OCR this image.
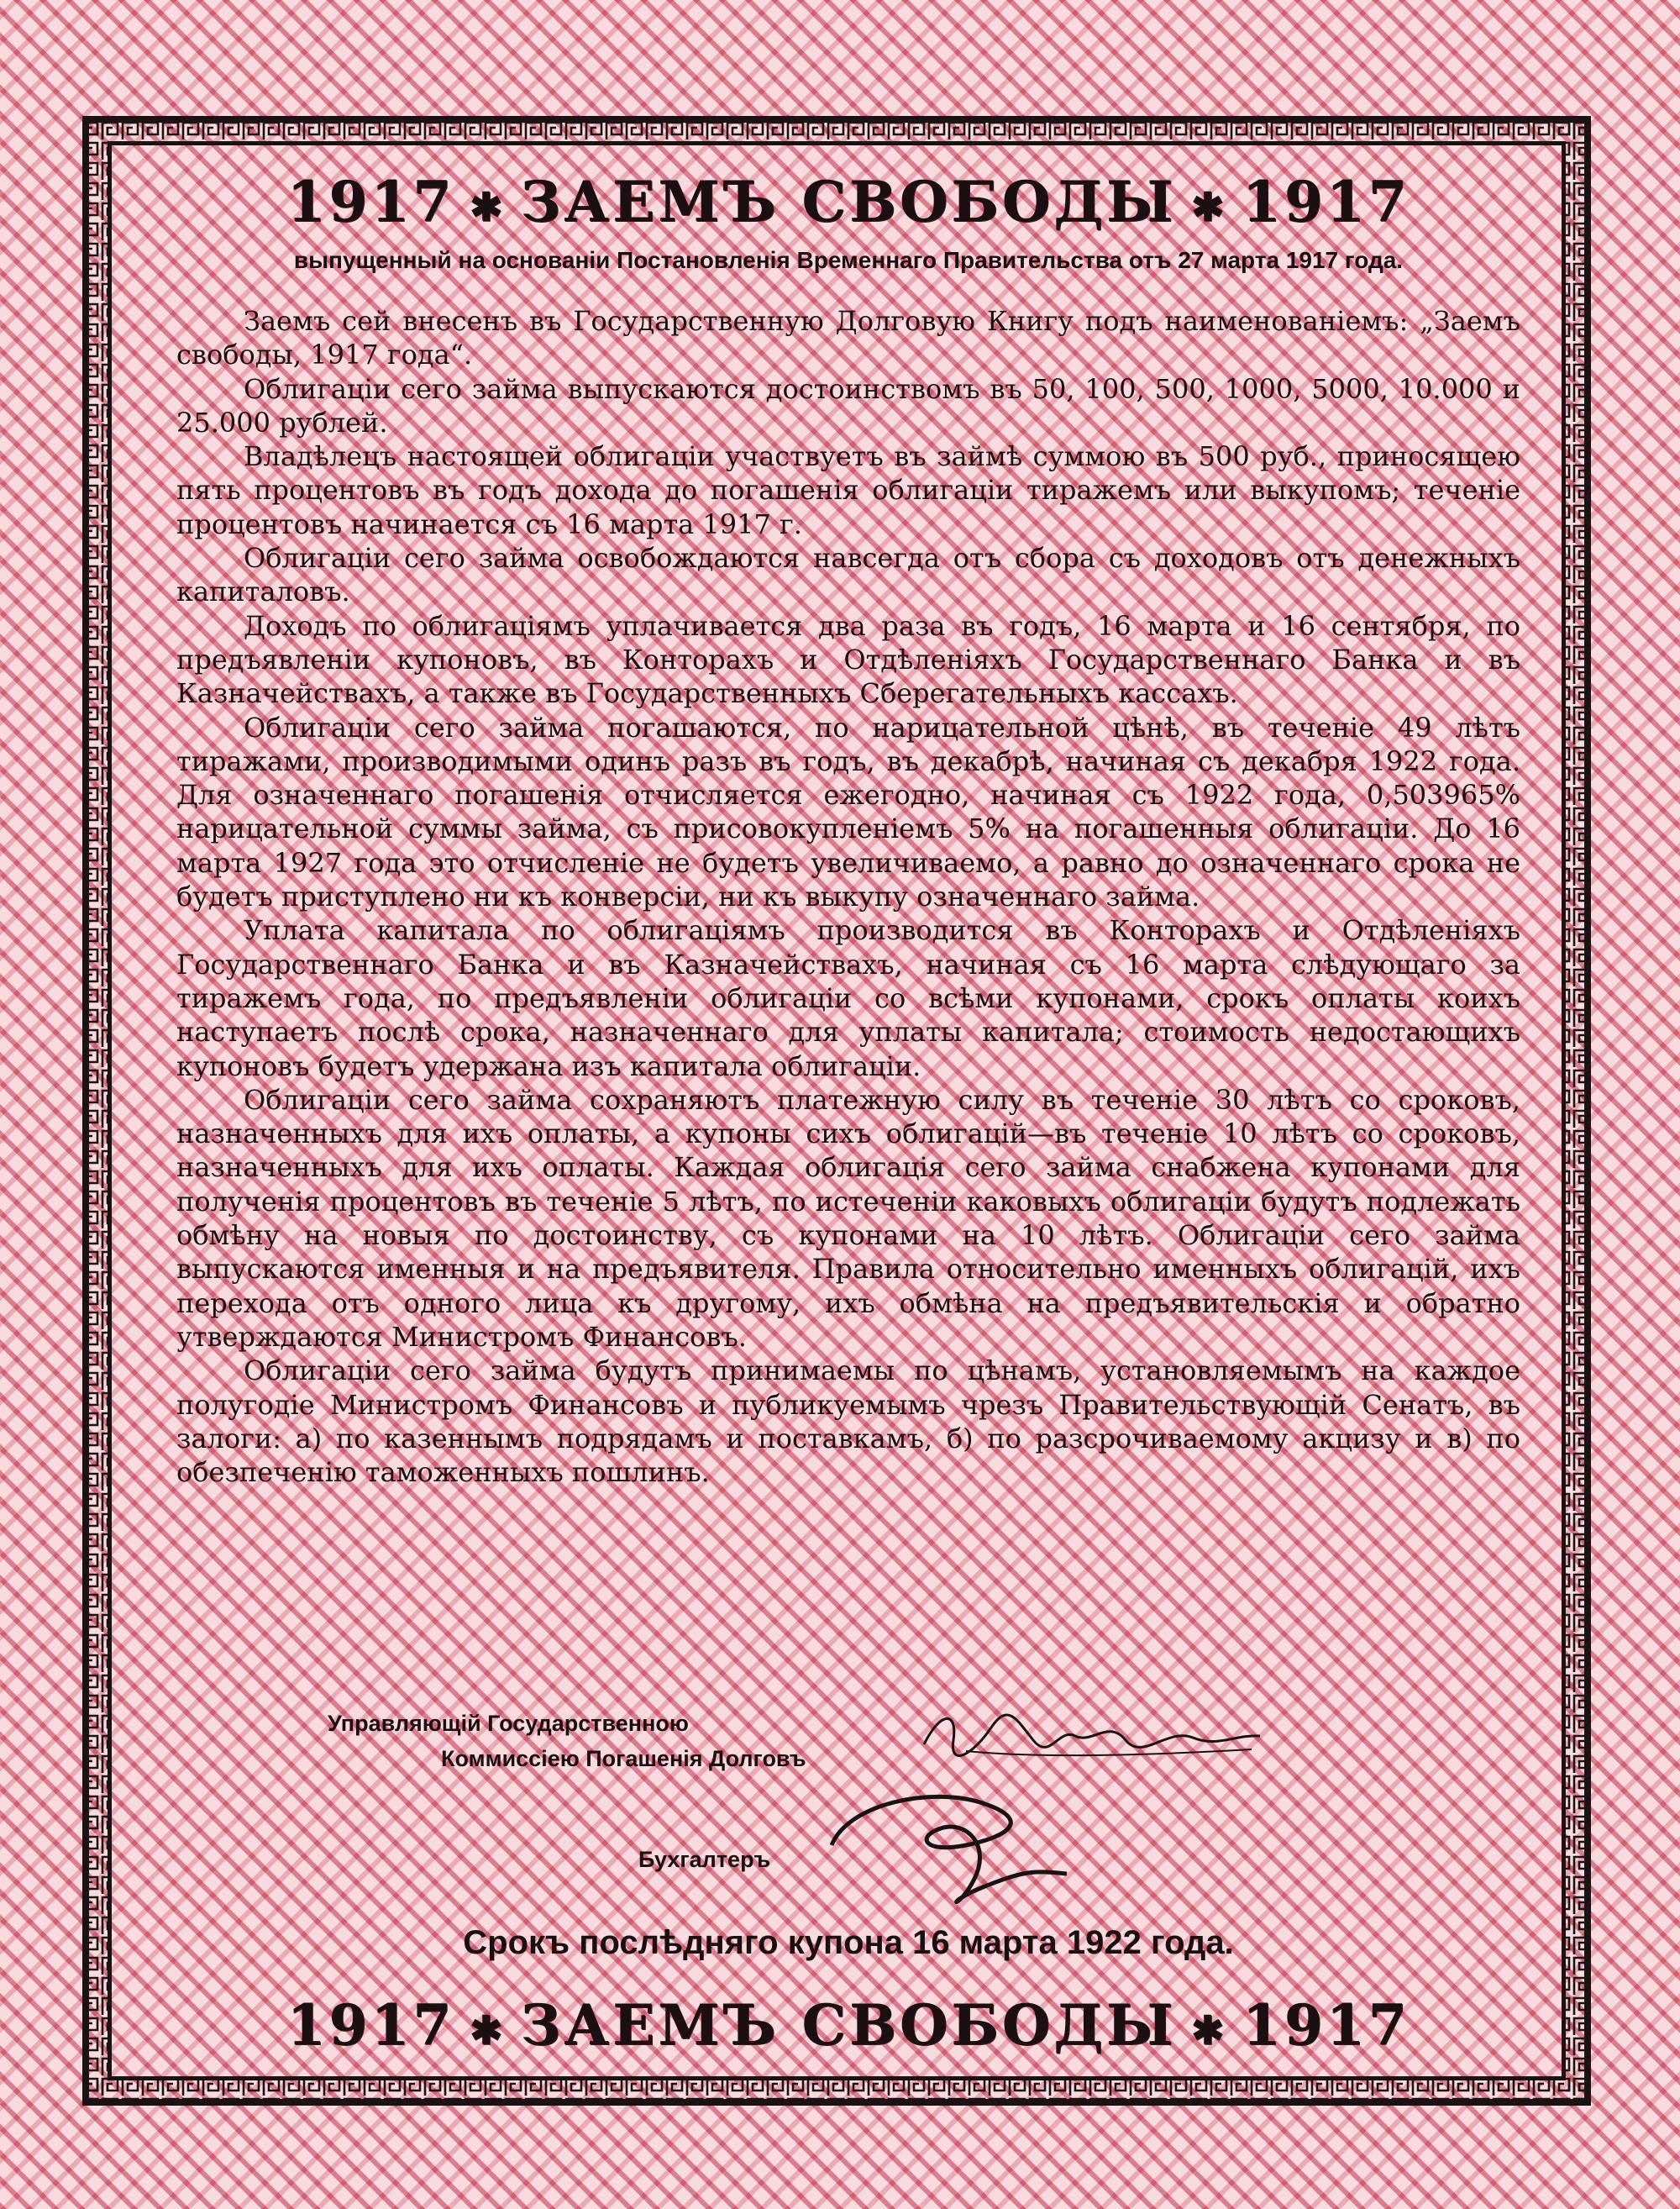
1917 ✱ ЗАЕМЪ СВОБОДЫ ✱ 1917
выпущенный на основаніи Постановленія Временнаго Правительства отъ 27 марта 1917 года.

Заемъ сей внесенъ въ Государственную Долговую Книгу подъ наименованіемъ: „Заемъ свободы, 1917 года“.

Облигаціи сего займа выпускаются достоинствомъ въ 50, 100, 500, 1000, 5000, 10.000 и 25.000 рублей.

Владѣлецъ настоящей облигаціи участвуетъ въ займѣ суммою въ 500 руб., приносящею пять процентовъ въ годъ дохода до погашенія облигаціи тиражемъ или выкупомъ; теченіе процентовъ начинается съ 16 марта 1917 г.

Облигаціи сего займа освобождаются навсегда отъ сбора съ доходовъ отъ денежныхъ капиталовъ.

Доходъ по облигаціямъ уплачивается два раза въ годъ, 16 марта и 16 сентября, по предъявленіи купоновъ, въ Конторахъ и Отдѣленіяхъ Государственнаго Банка и въ Казначействахъ, а также въ Государственныхъ Сберегательныхъ кассахъ.

Облигаціи сего займа погашаются, по нарицательной цѣнѣ, въ теченіе 49 лѣтъ тиражами, производимыми одинъ разъ въ годъ, въ декабрѣ, начиная съ декабря 1922 года. Для означеннаго погашенія отчисляется ежегодно, начиная съ 1922 года, 0,503965% нарицательной суммы займа, съ присовокупленіемъ 5% на погашенныя облигаціи. До 16 марта 1927 года это отчисленіе не будетъ увеличиваемо, а равно до означеннаго срока не будетъ приступлено ни къ конверсіи, ни къ выкупу означеннаго займа.

Уплата капитала по облигаціямъ производится въ Конторахъ и Отдѣленіяхъ Государственнаго Банка и въ Казначействахъ, начиная съ 16 марта слѣдующаго за тиражемъ года, по предъявленіи облигаціи со всѣми купонами, срокъ оплаты коихъ наступаетъ послѣ срока, назначеннаго для уплаты капитала; стоимость недостающихъ купоновъ будетъ удержана изъ капитала облигаціи.

Облигаціи сего займа сохраняютъ платежную силу въ теченіе 30 лѣтъ со сроковъ, назначенныхъ для ихъ оплаты, а купоны сихъ облигацій—въ теченіе 10 лѣтъ со сроковъ, назначенныхъ для ихъ оплаты. Каждая облигація сего займа снабжена купонами для полученія процентовъ въ теченіе 5 лѣтъ, по истеченіи каковыхъ облигаціи будутъ подлежать обмѣну на новыя по достоинству, съ купонами на 10 лѣтъ. Облигаціи сего займа выпускаются именныя и на предъявителя. Правила относительно именныхъ облигацій, ихъ перехода отъ одного лица къ другому, ихъ обмѣна на предъявительскія и обратно утверждаются Министромъ Финансовъ.

Облигаціи сего займа будутъ принимаемы по цѣнамъ, установляемымъ на каждое полугодіе Министромъ Финансовъ и публикуемымъ чрезъ Правительствующій Сенатъ, въ залоги: а) по казеннымъ подрядамъ и поставкамъ, б) по разсрочиваемому акцизу и в) по обезпеченію таможенныхъ пошлинъ.

Управляющій Государственною
Коммиссіею Погашенія Долговъ
Бухгалтеръ
Срокъ послѣдняго купона 16 марта 1922 года.
1917 ✱ ЗАЕМЪ СВОБОДЫ ✱ 1917
